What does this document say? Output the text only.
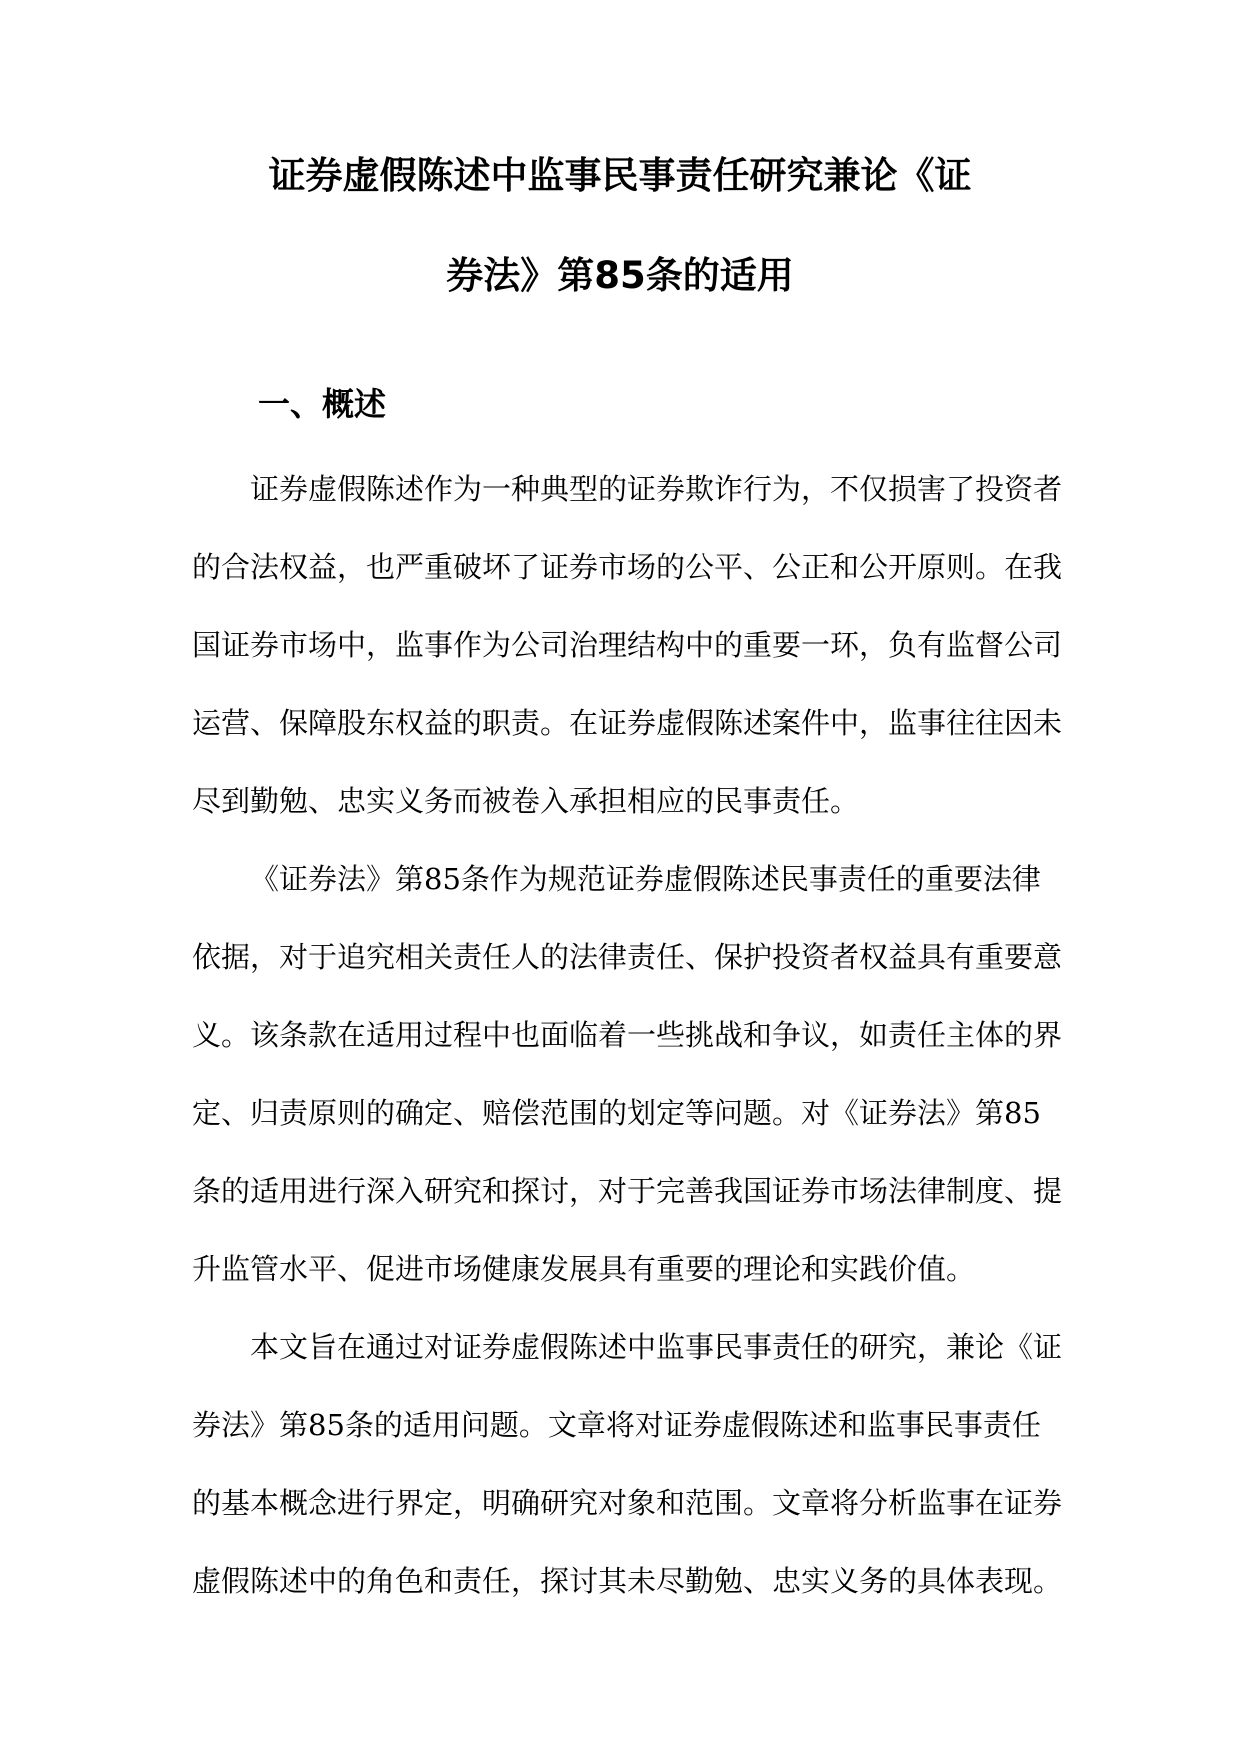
证券虚假陈述中监事民事责任研究兼论《证
券法》第85条的适用
一、概述
证券虚假陈述作为一种典型的证券欺诈行为，不仅损害了投资者
的合法权益，也严重破坏了证券市场的公平、公正和公开原则。在我
国证券市场中，监事作为公司治理结构中的重要一环，负有监督公司
运营、保障股东权益的职责。在证券虚假陈述案件中，监事往往因未
尽到勤勉、忠实义务而被卷入承担相应的民事责任。
《证券法》第85条作为规范证券虚假陈述民事责任的重要法律
依据，对于追究相关责任人的法律责任、保护投资者权益具有重要意
义。该条款在适用过程中也面临着一些挑战和争议，如责任主体的界
定、归责原则的确定、赔偿范围的划定等问题。对《证券法》第85
条的适用进行深入研究和探讨，对于完善我国证券市场法律制度、提
升监管水平、促进市场健康发展具有重要的理论和实践价值。
本文旨在通过对证券虚假陈述中监事民事责任的研究，兼论《证
券法》第85条的适用问题。文章将对证券虚假陈述和监事民事责任
的基本概念进行界定，明确研究对象和范围。文章将分析监事在证券
虚假陈述中的角色和责任，探讨其未尽勤勉、忠实义务的具体表现。
